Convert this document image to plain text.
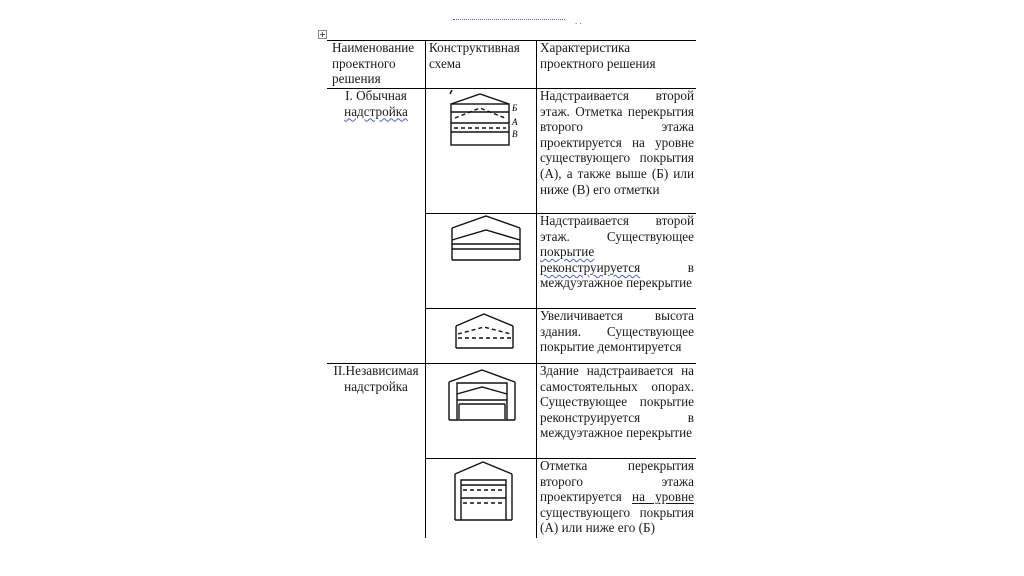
. .
Наименование проектного решения
Конструктивная схема
Характеристика проектного решения
I. Обычная
надстройка
II.Независимая
надстройка
Надстраивается второй этаж. Отметка перекрытия второго этажа проектируется на уровне существующего покрытия (А), а также выше (Б) или ниже (В) его отметки
Надстраивается второй этаж. Существующее покрытие реконструируется	в междуэтажное перекрытие
Увеличивается высота здания. Существующее покрытие демонтируется
Здание надстраивается на самостоятельных опорах. Существующее покрытие реконструируется в междуэтажное перекрытие
Отметка перекрытия второго этажа проектируется на уровне существующего покрытия (А) или ниже его (Б)
Б
А
В
